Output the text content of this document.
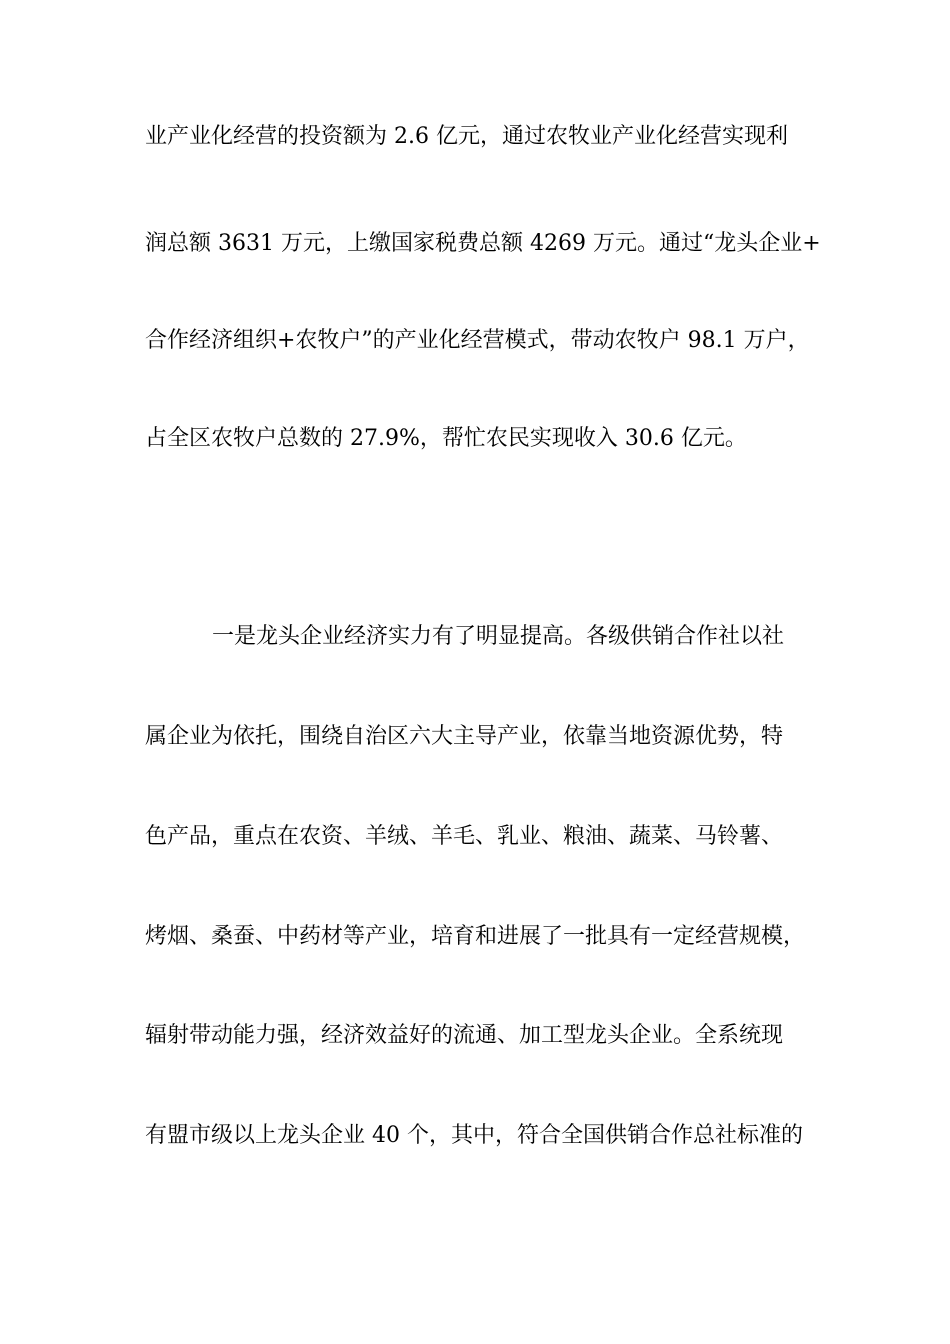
业产业化经营的投资额为 2.6 亿元，通过农牧业产业化经营实现利
润总额 3631 万元，上缴国家税费总额 4269 万元。通过“龙头企业+
合作经济组织+农牧户”的产业化经营模式，带动农牧户 98.1 万户，
占全区农牧户总数的 27.9%，帮忙农民实现收入 30.6 亿元。
一是龙头企业经济实力有了明显提高。各级供销合作社以社
属企业为依托，围绕自治区六大主导产业，依靠当地资源优势，特
色产品，重点在农资、羊绒、羊毛、乳业、粮油、蔬菜、马铃薯、
烤烟、桑蚕、中药材等产业，培育和进展了一批具有一定经营规模，
辐射带动能力强，经济效益好的流通、加工型龙头企业。全系统现
有盟市级以上龙头企业 40 个，其中，符合全国供销合作总社标准的
